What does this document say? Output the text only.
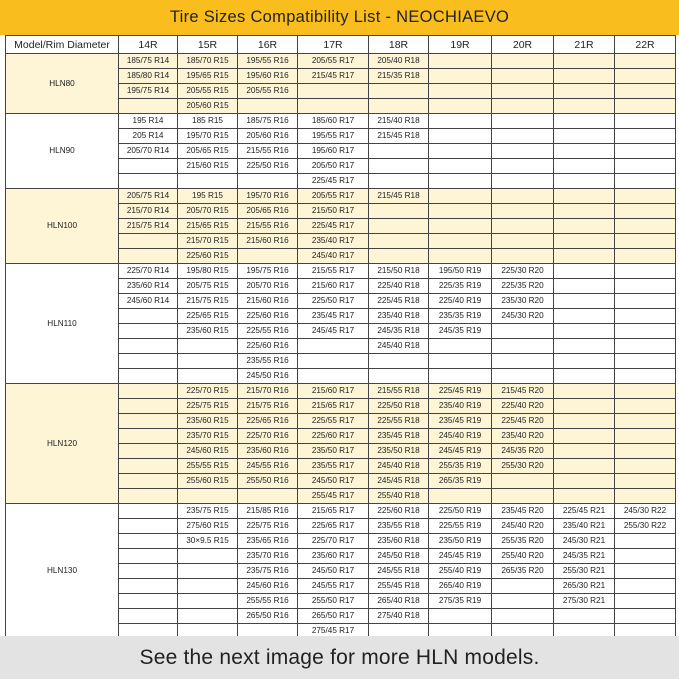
Tire Sizes Compatibility List - NEOCHIAEVO
Model/Rim Diameter	14R	15R	16R	17R	18R	19R	20R	21R	22R
HLN80	185/75 R14	185/70 R15	195/55 R16	205/55 R17	205/40 R18				
	185/80 R14	195/65 R15	195/60 R16	215/45 R17	215/35 R18				
	195/75 R14	205/55 R15	205/55 R16						
		205/60 R15							
HLN90	195 R14	185 R15	185/75 R16	185/60 R17	215/40 R18				
	205 R14	195/70 R15	205/60 R16	195/55 R17	215/45 R18				
	205/70 R14	205/65 R15	215/55 R16	195/60 R17					
		215/60 R15	225/50 R16	205/50 R17					
				225/45 R17					
HLN100	205/75 R14	195 R15	195/70 R16	205/55 R17	215/45 R18				
	215/70 R14	205/70 R15	205/65 R16	215/50 R17					
	215/75 R14	215/65 R15	215/55 R16	225/45 R17					
		215/70 R15	215/60 R16	235/40 R17					
		225/60 R15		245/40 R17					
HLN110	225/70 R14	195/80 R15	195/75 R16	215/55 R17	215/50 R18	195/50 R19	225/30 R20		
	235/60 R14	205/75 R15	205/70 R16	215/60 R17	225/40 R18	225/35 R19	225/35 R20		
	245/60 R14	215/75 R15	215/60 R16	225/50 R17	225/45 R18	225/40 R19	235/30 R20		
		225/65 R15	225/60 R16	235/45 R17	235/40 R18	235/35 R19	245/30 R20		
		235/60 R15	225/55 R16	245/45 R17	245/35 R18	245/35 R19			
			225/60 R16		245/40 R18				
			235/55 R16						
			245/50 R16						
HLN120		225/70 R15	215/70 R16	215/60 R17	215/55 R18	225/45 R19	215/45 R20		
		225/75 R15	215/75 R16	215/65 R17	225/50 R18	235/40 R19	225/40 R20		
		235/60 R15	225/65 R16	225/55 R17	225/55 R18	235/45 R19	225/45 R20		
		235/70 R15	225/70 R16	225/60 R17	235/45 R18	245/40 R19	235/40 R20		
		245/60 R15	235/60 R16	235/50 R17	235/50 R18	245/45 R19	245/35 R20		
		255/55 R15	245/55 R16	235/55 R17	245/40 R18	255/35 R19	255/30 R20		
		255/60 R15	255/50 R16	245/50 R17	245/45 R18	265/35 R19			
				255/45 R17	255/40 R18				
HLN130		235/75 R15	215/85 R16	215/65 R17	225/60 R18	225/50 R19	235/45 R20	225/45 R21	245/30 R22
		275/60 R15	225/75 R16	225/65 R17	235/55 R18	225/55 R19	245/40 R20	235/40 R21	255/30 R22
		30×9.5 R15	235/65 R16	225/70 R17	235/60 R18	235/50 R19	255/35 R20	245/30 R21	
			235/70 R16	235/60 R17	245/50 R18	245/45 R19	255/40 R20	245/35 R21	
			235/75 R16	245/50 R17	245/55 R18	255/40 R19	265/35 R20	255/30 R21	
			245/60 R16	245/55 R17	255/45 R18	265/40 R19		265/30 R21	
			255/55 R16	255/50 R17	265/40 R18	275/35 R19		275/30 R21	
			265/50 R16	265/50 R17	275/40 R18				
				275/45 R17					
See the next image for more HLN models.
